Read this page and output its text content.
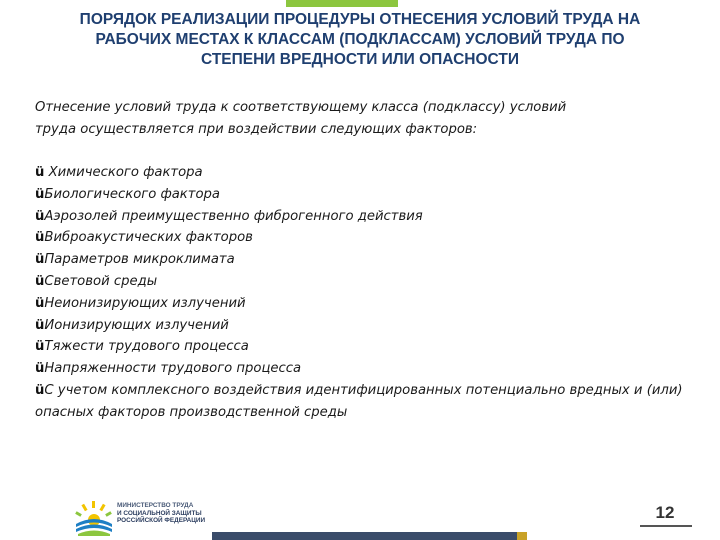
ПОРЯДОК РЕАЛИЗАЦИИ ПРОЦЕДУРЫ ОТНЕСЕНИЯ УСЛОВИЙ ТРУДА НА
РАБОЧИХ МЕСТАХ К КЛАССАМ (ПОДКЛАССАМ) УСЛОВИЙ ТРУДА ПО
СТЕПЕНИ ВРЕДНОСТИ ИЛИ ОПАСНОСТИ
Отнесение условий труда к соответствующему класса (подклассу) условий
труда осуществляется при воздействии следующих факторов:
ü Химического фактора
üБиологического фактора
üАэрозолей преимущественно фиброгенного действия
üВиброакустических факторов
üПараметров микроклимата
üСветовой среды
üНеионизирующих излучений
üИонизирующих излучений
üТяжести трудового процесса
üНапряженности трудового процесса
üС учетом комплексного воздействия идентифицированных потенциально вредных и (или) опасных факторов производственной среды
МИНИСТЕРСТВО ТРУДА
И СОЦИАЛЬНОЙ ЗАЩИТЫ
РОССИЙСКОЙ ФЕДЕРАЦИИ	12
